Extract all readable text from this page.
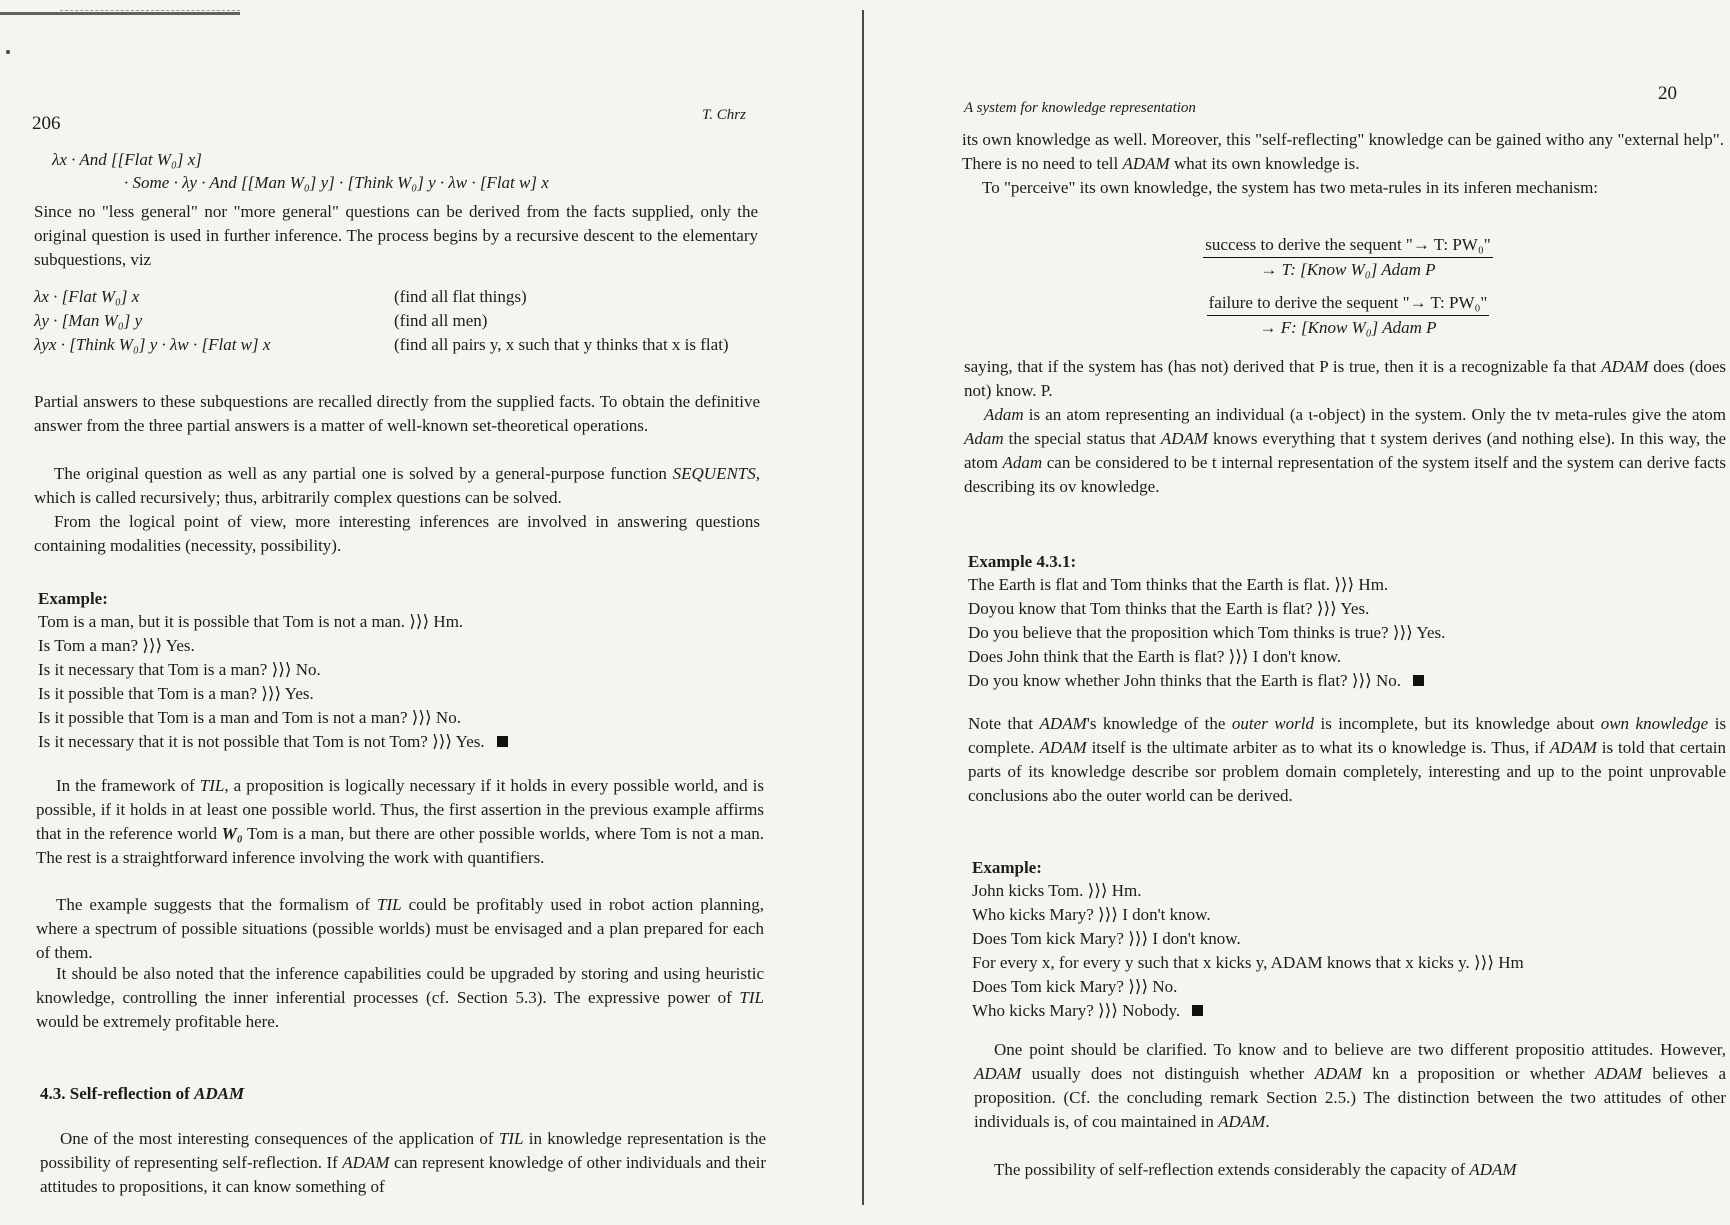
206	T. Chrz
λx · And [[Flat W₀] x]
· Some · λy · And [[Man W₀] y] · [Think W₀] y · λw · [Flat w] x

Since no "less general" nor "more general" questions can be derived from the facts supplied, only the original question is used in further inference. The process begins by a recursive descent to the elementary subquestions, viz

λx · [Flat W₀] x	(find all flat things)
λy · [Man W₀] y	(find all men)
λyx · [Think W₀] y · λw · [Flat w] x	(find all pairs y, x such that y thinks that x is flat)

Partial answers to these subquestions are recalled directly from the supplied facts. To obtain the definitive answer from the three partial answers is a matter of well-known set-theoretical operations.

The original question as well as any partial one is solved by a general-purpose function SEQUENTS, which is called recursively; thus, arbitrarily complex questions can be solved.

From the logical point of view, more interesting inferences are involved in answering questions containing modalities (necessity, possibility).

Example:
Tom is a man, but it is possible that Tom is not a man. ⟩⟩⟩ Hm.
Is Tom a man? ⟩⟩⟩ Yes.
Is it necessary that Tom is a man? ⟩⟩⟩ No.
Is it possible that Tom is a man? ⟩⟩⟩ Yes.
Is it possible that Tom is a man and Tom is not a man? ⟩⟩⟩ No.
Is it necessary that it is not possible that Tom is not Tom? ⟩⟩⟩ Yes.

In the framework of TIL, a proposition is logically necessary if it holds in every possible world, and is possible, if it holds in at least one possible world. Thus, the first assertion in the previous example affirms that in the reference world W₀ Tom is a man, but there are other possible worlds, where Tom is not a man. The rest is a straightforward inference involving the work with quantifiers.

The example suggests that the formalism of TIL could be profitably used in robot action planning, where a spectrum of possible situations (possible worlds) must be envisaged and a plan prepared for each of them.

It should be also noted that the inference capabilities could be upgraded by storing and using heuristic knowledge, controlling the inner inferential processes (cf. Section 5.3). The expressive power of TIL would be extremely profitable here.

4.3. Self-reflection of ADAM

One of the most interesting consequences of the application of TIL in knowledge representation is the possibility of representing self-reflection. If ADAM can represent knowledge of other individuals and their attitudes to propositions, it can know something of

A system for knowledge representation
20

its own knowledge as well. Moreover, this "self-reflecting" knowledge can be gained witho any "external help". There is no need to tell ADAM what its own knowledge is.

To "perceive" its own knowledge, the system has two meta-rules in its inferen mechanism:

success to derive the sequent "→ T: PW₀"
→ T: [Know W₀] Adam P
failure to derive the sequent "→ T: PW₀"
→ F: [Know W₀] Adam P

saying, that if the system has (has not) derived that P is true, then it is a recognizable fa that ADAM does (does not) know. P.

Adam is an atom representing an individual (a ι-object) in the system. Only the tv meta-rules give the atom Adam the special status that ADAM knows everything that t system derives (and nothing else). In this way, the atom Adam can be considered to be t internal representation of the system itself and the system can derive facts describing its ov knowledge.

Example 4.3.1:
The Earth is flat and Tom thinks that the Earth is flat. ⟩⟩⟩ Hm.
Doyou know that Tom thinks that the Earth is flat? ⟩⟩⟩ Yes.
Do you believe that the proposition which Tom thinks is true? ⟩⟩⟩ Yes.
Does John think that the Earth is flat? ⟩⟩⟩ I don't know.
Do you know whether John thinks that the Earth is flat? ⟩⟩⟩ No.

Note that ADAM's knowledge of the outer world is incomplete, but its knowledge about own knowledge is complete. ADAM itself is the ultimate arbiter as to what its o knowledge is. Thus, if ADAM is told that certain parts of its knowledge describe sor problem domain completely, interesting and up to the point unprovable conclusions abo the outer world can be derived.

Example:
John kicks Tom. ⟩⟩⟩ Hm.
Who kicks Mary? ⟩⟩⟩ I don't know.
Does Tom kick Mary? ⟩⟩⟩ I don't know.
For every x, for every y such that x kicks y, ADAM knows that x kicks y. ⟩⟩⟩ Hm
Does Tom kick Mary? ⟩⟩⟩ No.
Who kicks Mary? ⟩⟩⟩ Nobody.

One point should be clarified. To know and to believe are two different propositio attitudes. However, ADAM usually does not distinguish whether ADAM kn a proposition or whether ADAM believes a proposition. (Cf. the concluding remark Section 2.5.) The distinction between the two attitudes of other individuals is, of cou maintained in ADAM.

The possibility of self-reflection extends considerably the capacity of ADAM
